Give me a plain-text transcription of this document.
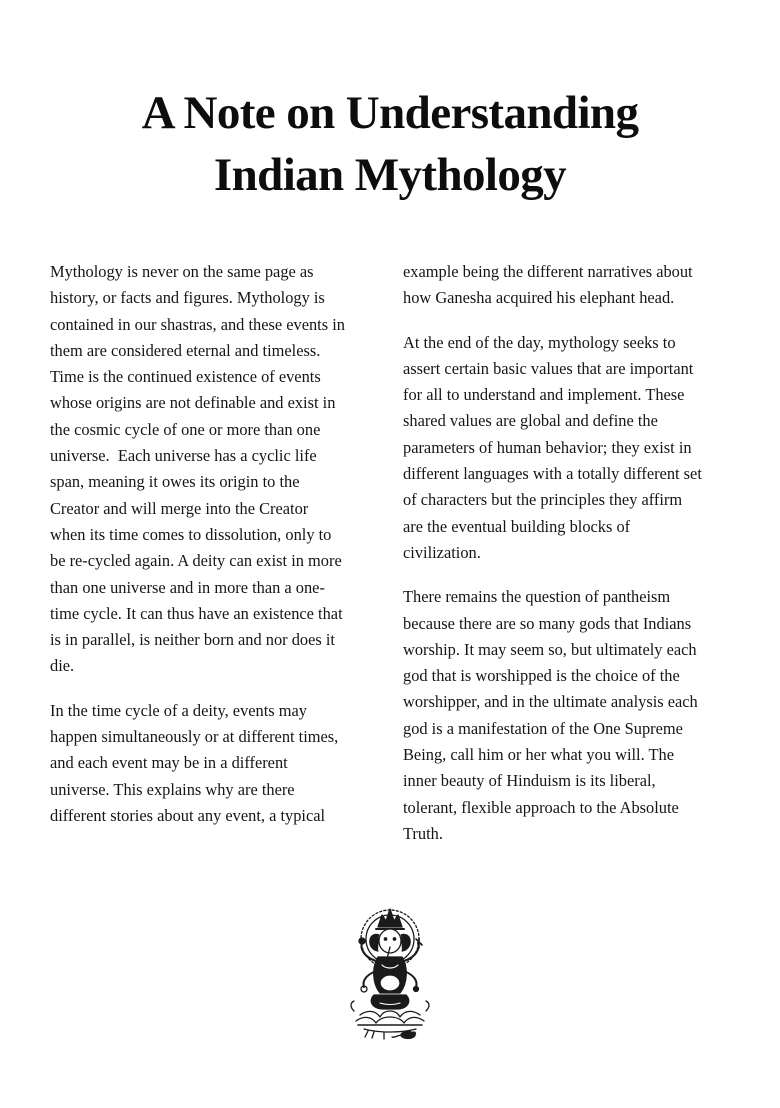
A Note on Understanding
Indian Mythology

Mythology is never on the same page as
history, or facts and figures. Mythology is
contained in our shastras, and these events in
them are considered eternal and timeless.
Time is the continued existence of events
whose origins are not definable and exist in
the cosmic cycle of one or more than one
universe.  Each universe has a cyclic life
span, meaning it owes its origin to the
Creator and will merge into the Creator
when its time comes to dissolution, only to
be re-cycled again. A deity can exist in more
than one universe and in more than a one-
time cycle. It can thus have an existence that
is in parallel, is neither born and nor does it
die.

In the time cycle of a deity, events may
happen simultaneously or at different times,
and each event may be in a different
universe. This explains why are there
different stories about any event, a typical

example being the different narratives about
how Ganesha acquired his elephant head.

At the end of the day, mythology seeks to
assert certain basic values that are important
for all to understand and implement. These
shared values are global and define the
parameters of human behavior; they exist in
different languages with a totally different set
of characters but the principles they affirm
are the eventual building blocks of
civilization.

There remains the question of pantheism
because there are so many gods that Indians
worship. It may seem so, but ultimately each
god that is worshipped is the choice of the
worshipper, and in the ultimate analysis each
god is a manifestation of the One Supreme
Being, call him or her what you will. The
inner beauty of Hinduism is its liberal,
tolerant, flexible approach to the Absolute
Truth.
